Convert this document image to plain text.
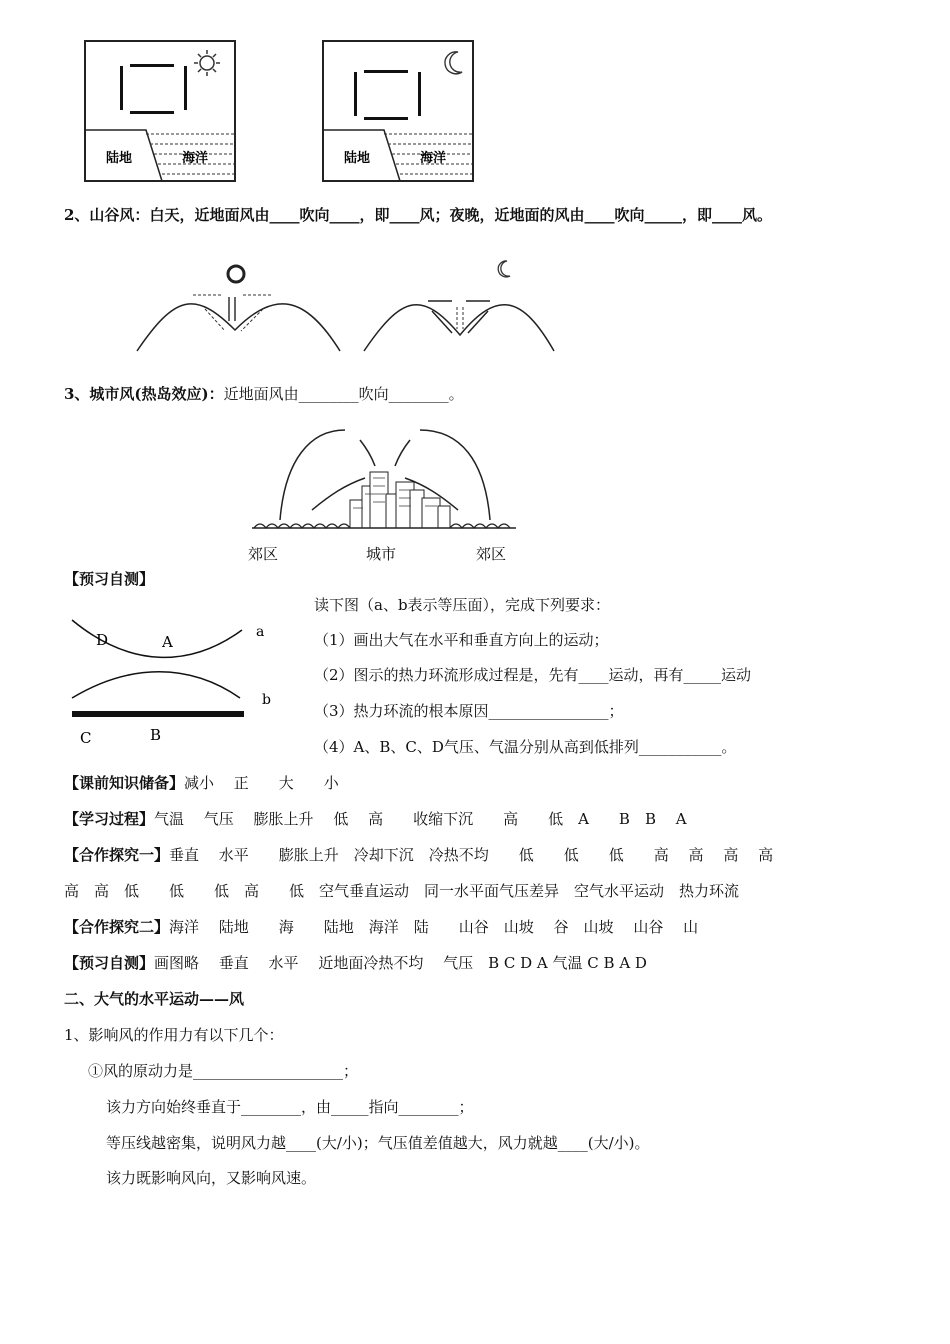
陆地	海洋	陆地	海洋
2、山谷风：白天，近地面风由____吹向____，即____风；夜晚，近地面的风由____吹向_____，即____风。
3、城市风(热岛效应)：近地面风由________吹向________。
郊区	城市	郊区
【预习自测】
D	A
a
b
C	B
读下图（a、b表示等压面），完成下列要求：
（1）画出大气在水平和垂直方向上的运动；
（2）图示的热力环流形成过程是，先有____运动，再有_____运动
（3）热力环流的根本原因________________；
（4）A、B、C、D气压、气温分别从高到低排列___________。
【课前知识储备】减小　 正　　大　　小
【学习过程】气温　 气压　 膨胀上升　 低　 高　　收缩下沉　　高　　低　A　　B　B　 A
【合作探究一】垂直　 水平　　膨胀上升　冷却下沉　冷热不均　　低　　低　　低　　高　 高　 高　 高
高　高　低　　低　　低　高　　低　空气垂直运动　同一水平面气压差异　空气水平运动　热力环流
【合作探究二】海洋　 陆地　　海　　陆地　海洋　陆　　山谷　山坡　 谷　山坡　 山谷　 山
【预习自测】画图略　 垂直　 水平　 近地面冷热不均　 气压　B C D A 气温 C B A D
二、大气的水平运动——风
1、影响风的作用力有以下几个：
①风的原动力是____________________；
该力方向始终垂直于________，由_____指向________；
等压线越密集，说明风力越____(大/小)；气压值差值越大，风力就越____(大/小)。
该力既影响风向，又影响风速。
